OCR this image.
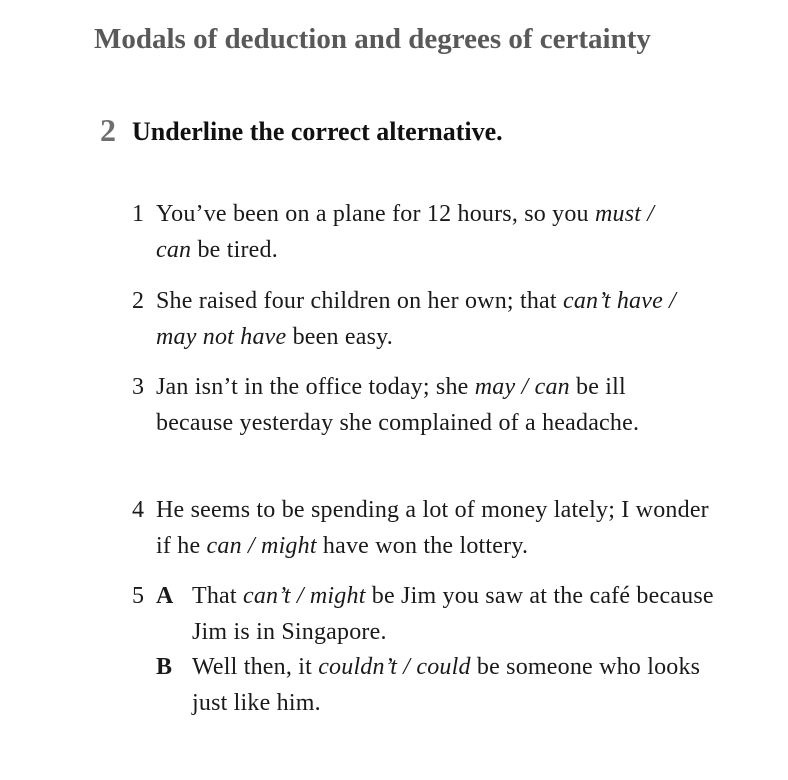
Modals of deduction and degrees of certainty
2 Underline the correct alternative.
1 You’ve been on a plane for 12 hours, so you must / can be tired.
2 She raised four children on her own; that can’t have / may not have been easy.
3 Jan isn’t in the office today; she may / can be ill because yesterday she complained of a headache.
4 He seems to be spending a lot of money lately; I wonder if he can / might have won the lottery.
5 A That can’t / might be Jim you saw at the café because Jim is in Singapore.
B Well then, it couldn’t / could be someone who looks just like him.
